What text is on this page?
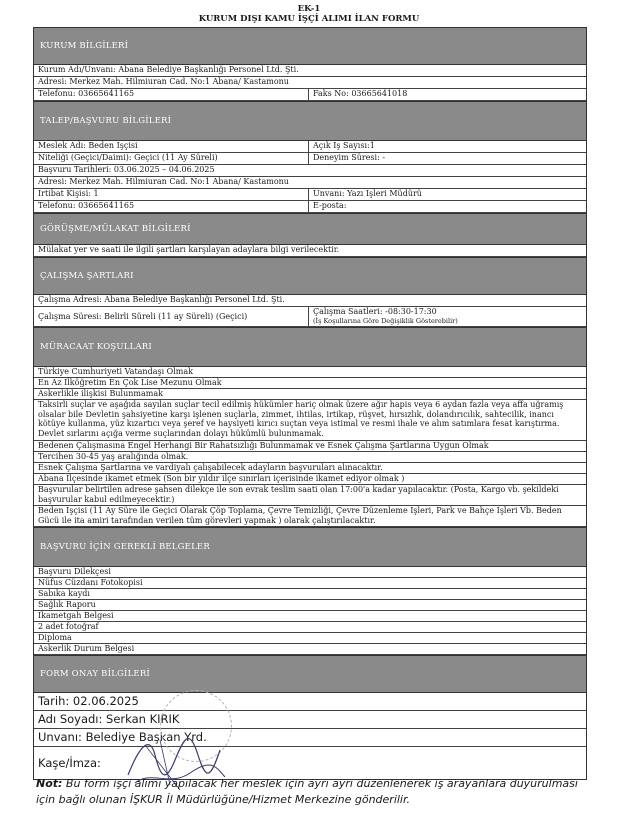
EK-1
KURUM DIŞI KAMU İŞÇİ ALIMI İLAN FORMU
KURUM BİLGİLERİ
Kurum Adı/Unvanı: Abana Belediye Başkanlığı Personel Ltd. Şti.
Adresi: Merkez Mah. Hilmiuran Cad. No:1 Abana/ Kastamonu
Telefonu: 03665641165	Faks No: 03665641018
TALEP/BAŞVURU BİLGİLERİ
Meslek Adı: Beden İşçisi	Açık İş Sayısı:1
Niteliği (Geçici/Daimi): Geçici (11 Ay Süreli)	Deneyim Süresi: -
Başvuru Tarihleri: 03.06.2025 – 04.06.2025
Adresi: Merkez Mah. Hilmiuran Cad. No:1 Abana/ Kastamonu
İrtibat Kişisi: 1	Unvanı: Yazı İşleri Müdürü
Telefonu: 03665641165	E-posta:
GÖRÜŞME/MÜLAKAT BİLGİLERİ
Mülakat yer ve saati ile ilgili şartları karşılayan adaylara bilgi verilecektir.
ÇALIŞMA ŞARTLARI
Çalışma Adresi: Abana Belediye Başkanlığı Personel Ltd. Şti.
Çalışma Süresi: Belirli Süreli (11 ay Süreli) (Geçici)
Çalışma Saatleri: -08:30-17:30
(İş Koşullarına Göre Değişiklik Gösterebilir)
MÜRACAAT KOŞULLARI
Türkiye Cumhuriyeti Vatandaşı Olmak
En Az İlköğretim En Çok Lise Mezunu Olmak
Askerlikle ilişkisi Bulunmamak
Taksirli suçlar ve aşağıda sayılan suçlar tecil edilmiş hükümler hariç olmak üzere ağır hapis veya 6 aydan fazla veya affa uğramış olsalar bile Devletin şahsiyetine karşı işlenen suçlarla, zimmet, ihtilas, irtikap, rüşvet, hırsızlık, dolandırıcılık, sahtecilik, inancı kötüye kullanma, yüz kızartıcı veya şeref ve haysiyeti kırıcı suçtan veya istimal ve resmi ihale ve alım satımlara fesat karıştırma. Devlet sırlarını açığa verme suçlarından dolayı hükümlü bulunmamak.
Bedenen Çalışmasına Engel Herhangi Bir Rahatsızlığı Bulunmamak ve Esnek Çalışma Şartlarına Uygun Olmak
Tercihen 30-45 yaş aralığında olmak.
Esnek Çalışma Şartlarına ve vardiyalı çalışabilecek adayların başvuruları alınacaktır.
Abana İlçesinde ikamet etmek (Son bir yıldır ilçe sınırları içerisinde ikamet ediyor olmak )
Başvurular belirtilen adrese şahsen dilekçe ile son evrak teslim saati olan 17:00'a kadar yapılacaktır. (Posta, Kargo vb. şekildeki başvurular kabul edilmeyecektir.)
Beden İşçisi (11 Ay Süre ile Geçici Olarak Çöp Toplama, Çevre Temizliği, Çevre Düzenleme İşleri, Park ve Bahçe İşleri Vb. Beden Gücü ile ita amiri tarafından verilen tüm görevleri yapmak ) olarak çalıştırılacaktır.
BAŞVURU İÇİN GEREKLİ BELGELER
Başvuru Dilekçesi
Nüfus Cüzdanı Fotokopisi
Sabıka kaydı
Sağlık Raporu
İkametgah Belgesi
2 adet fotoğraf
Diploma
Askerlik Durum Belgesi
FORM ONAY BİLGİLERİ
Tarih: 02.06.2025
Adı Soyadı: Serkan KIRIK
Unvanı: Belediye Başkan Yrd.
Kaşe/İmza:
Not: Bu form işçi alımı yapılacak her meslek için ayrı ayrı düzenlenerek iş arayanlara duyurulması için bağlı olunan İŞKUR İl Müdürlüğüne/Hizmet Merkezine gönderilir.
